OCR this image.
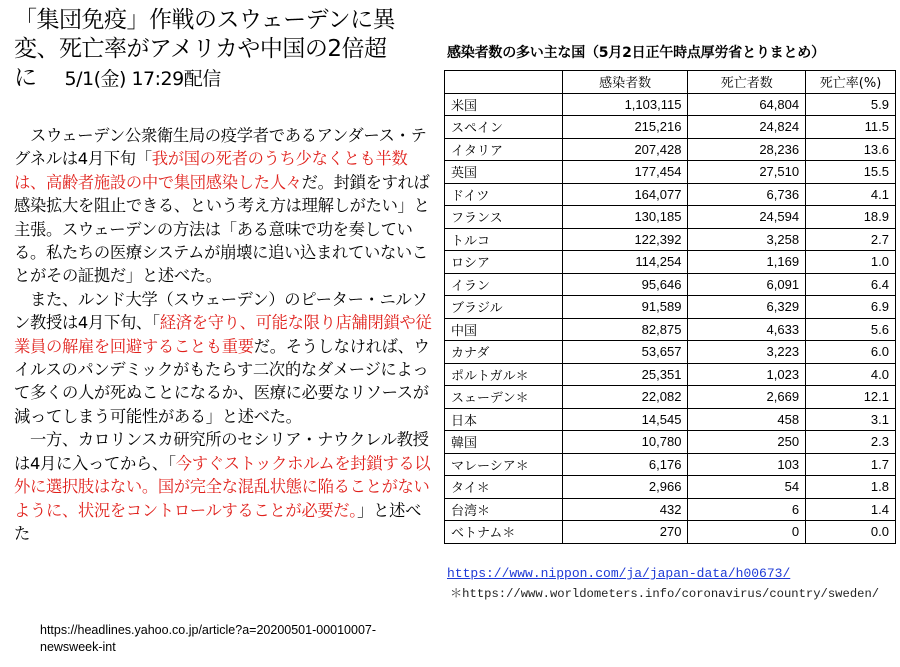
「集団免疫」作戦のスウェーデンに異
変、死亡率がアメリカや中国の2倍超
に 5/1(金) 17:29配信

　スウェーデン公衆衛生局の疫学者であるアンダース・テグネルは4月下旬「我が国の死者のうち少なくとも半数は、高齢者施設の中で集団感染した人々だ。封鎖をすれば感染拡大を阻止できる、という考え方は理解しがたい」と主張。スウェーデンの方法は「ある意味で功を奏している。私たちの医療システムが崩壊に追い込まれていないことがその証拠だ」と述べた。

　また、ルンド大学（スウェーデン）のピーター・ニルソン教授は4月下旬、「経済を守り、可能な限り店舗閉鎖や従業員の解雇を回避することも重要だ。そうしなければ、ウイルスのパンデミックがもたらす二次的なダメージによって多くの人が死ぬことになるか、医療に必要なリソースが減ってしまう可能性がある」と述べた。

　一方、カロリンスカ研究所のセシリア・ナウクレル教授は4月に入ってから、「今すぐストックホルムを封鎖する以外に選択肢はない。国が完全な混乱状態に陥ることがないように、状況をコントロールすることが必要だ。」と述べた

https://headlines.yahoo.co.jp/article?a=20200501-00010007-newsweek-int
感染者数の多い主な国（5月2日正午時点厚労省とりまとめ）
	感染者数	死亡者数	死亡率(%)
米国	1,103,115	64,804	5.9
スペイン	215,216	24,824	11.5
イタリア	207,428	28,236	13.6
英国	177,454	27,510	15.5
ドイツ	164,077	6,736	4.1
フランス	130,185	24,594	18.9
トルコ	122,392	3,258	2.7
ロシア	114,254	1,169	1.0
イラン	95,646	6,091	6.4
ブラジル	91,589	6,329	6.9
中国	82,875	4,633	5.6
カナダ	53,657	3,223	6.0
ポルトガル＊	25,351	1,023	4.0
スェーデン＊	22,082	2,669	12.1
日本	14,545	458	3.1
韓国	10,780	250	2.3
マレーシア＊	6,176	103	1.7
タイ＊	2,966	54	1.8
台湾＊	432	6	1.4
ベトナム＊	270	0	0.0
https://www.nippon.com/ja/japan-data/h00673/
＊https://www.worldometers.info/coronavirus/country/sweden/
